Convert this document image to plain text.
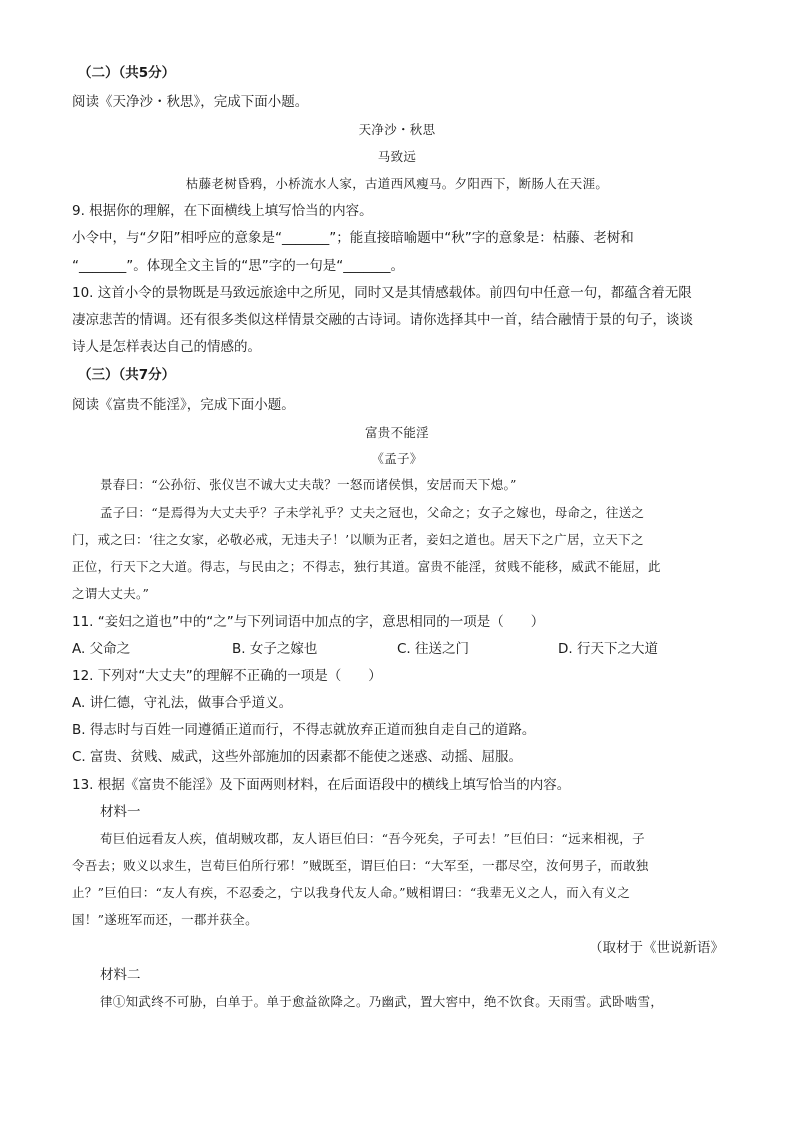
（二）（共5分）
阅读《天净沙・秋思》，完成下面小题。
天净沙・秋思
马致远
枯藤老树昏鸦，小桥流水人家，古道西风瘦马。夕阳西下，断肠人在天涯。
9. 根据你的理解，在下面横线上填写恰当的内容。
小令中，与“夕阳”相呼应的意象是“_______”；能直接暗喻题中“秋”字的意象是：枯藤、老树和
“_______”。体现全文主旨的“思”字的一句是“_______。
10. 这首小令的景物既是马致远旅途中之所见，同时又是其情感载体。前四句中任意一句，都蕴含着无限
凄凉悲苦的情调。还有很多类似这样情景交融的古诗词。请你选择其中一首，结合融情于景的句子，谈谈
诗人是怎样表达自己的情感的。
（三）（共7分）
阅读《富贵不能淫》，完成下面小题。
富贵不能淫
《孟子》
景春曰：“公孙衍、张仪岂不诚大丈夫哉？一怒而诸侯惧，安居而天下熄。”
孟子曰：“是焉得为大丈夫乎？子未学礼乎？丈夫之冠也，父命之；女子之嫁也，母命之，往送之
门，戒之曰：‘往之女家，必敬必戒，无违夫子！’以顺为正者，妾妇之道也。居天下之广居，立天下之
正位，行天下之大道。得志，与民由之；不得志，独行其道。富贵不能淫，贫贱不能移，威武不能屈，此
之谓大丈夫。”
11. “妾妇之道也”中的“之”与下列词语中加点的字，意思相同的一项是（　　）
A. 父命之	B. 女子之嫁也	C. 往送之门	D. 行天下之大道
12. 下列对“大丈夫”的理解不正确的一项是（　　）
A. 讲仁德，守礼法，做事合乎道义。
B. 得志时与百姓一同遵循正道而行，不得志就放弃正道而独自走自己的道路。
C. 富贵、贫贱、威武，这些外部施加的因素都不能使之迷惑、动摇、屈服。
13. 根据《富贵不能淫》及下面两则材料，在后面语段中的横线上填写恰当的内容。
材料一
荀巨伯远看友人疾，值胡贼攻郡，友人语巨伯曰：“吾今死矣，子可去！”巨伯曰：“远来相视，子
令吾去；败义以求生，岂荀巨伯所行邪！”贼既至，谓巨伯曰：“大军至，一郡尽空，汝何男子，而敢独
止？”巨伯曰：“友人有疾，不忍委之，宁以我身代友人命。”贼相谓曰：“我辈无义之人，而入有义之
国！”遂班军而还，一郡并获全。
（取材于《世说新语》
材料二
律①知武终不可胁，白单于。单于愈益欲降之。乃幽武，置大窖中，绝不饮食。天雨雪。武卧啮雪，
